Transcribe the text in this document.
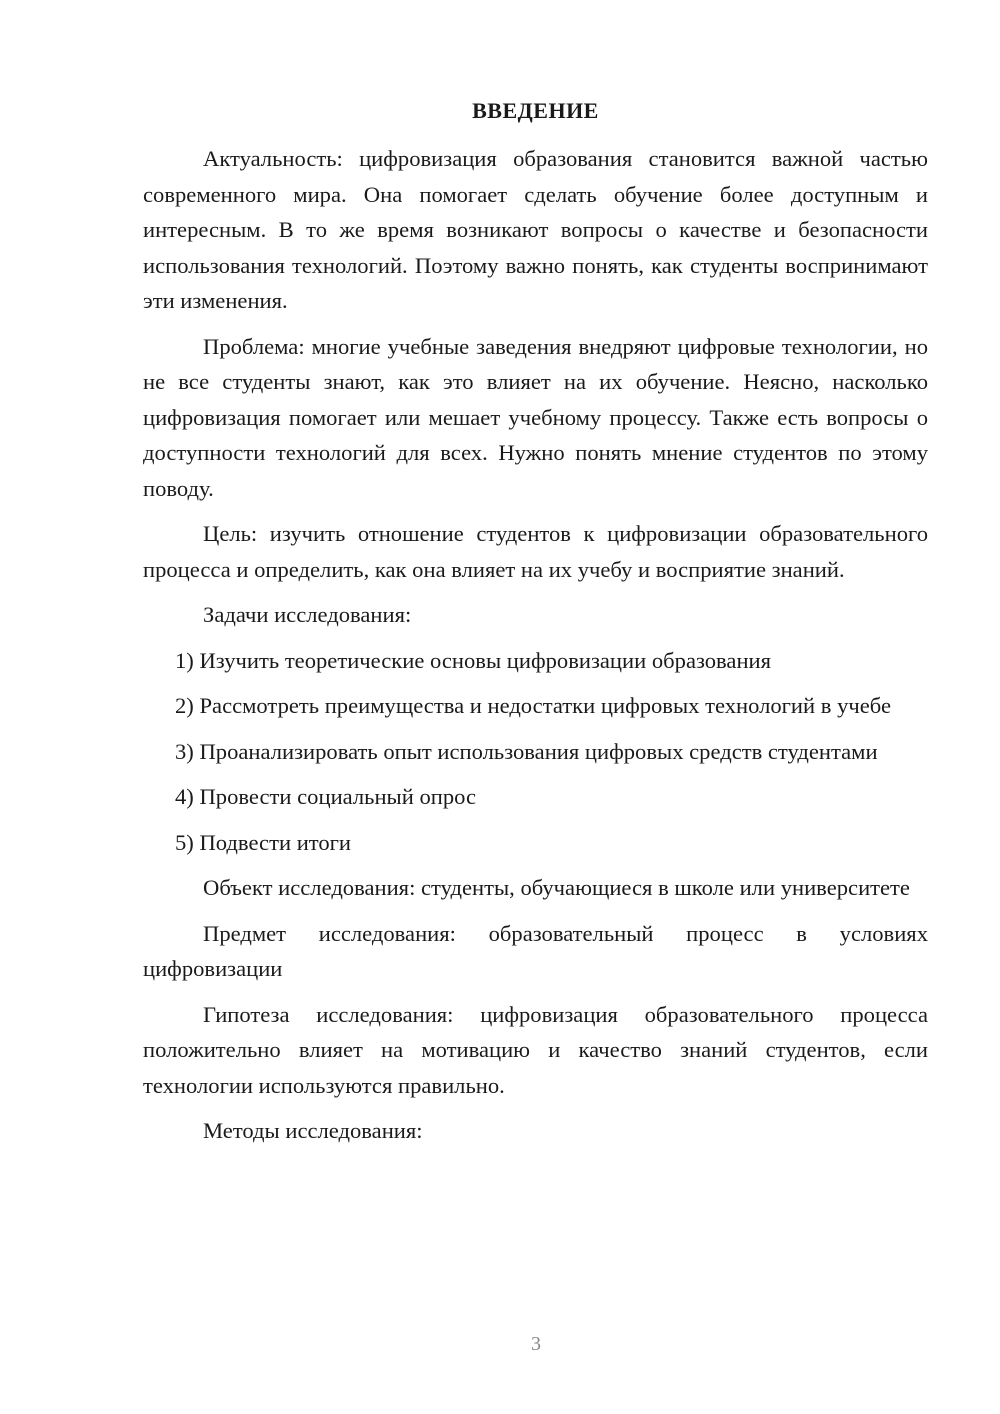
ВВЕДЕНИЕ

Актуальность: цифровизация образования становится важной частью современного мира. Она помогает сделать обучение более доступным и интересным. В то же время возникают вопросы о качестве и безопасности использования технологий. Поэтому важно понять, как студенты воспринимают эти изменения.

Проблема: многие учебные заведения внедряют цифровые технологии, но не все студенты знают, как это влияет на их обучение. Неясно, насколько цифровизация помогает или мешает учебному процессу. Также есть вопросы о доступности технологий для всех. Нужно понять мнение студентов по этому поводу.

Цель: изучить отношение студентов к цифровизации образовательного процесса и определить, как она влияет на их учебу и восприятие знаний.

Задачи исследования:

1) Изучить теоретические основы цифровизации образования

2) Рассмотреть преимущества и недостатки цифровых технологий в учебе

3) Проанализировать опыт использования цифровых средств студентами

4) Провести социальный опрос

5) Подвести итоги

Объект исследования: студенты, обучающиеся в школе или университете

Предмет исследования: образовательный процесс в условиях цифровизации

Гипотеза исследования: цифровизация образовательного процесса положительно влияет на мотивацию и качество знаний студентов, если технологии используются правильно.

Методы исследования:

3
